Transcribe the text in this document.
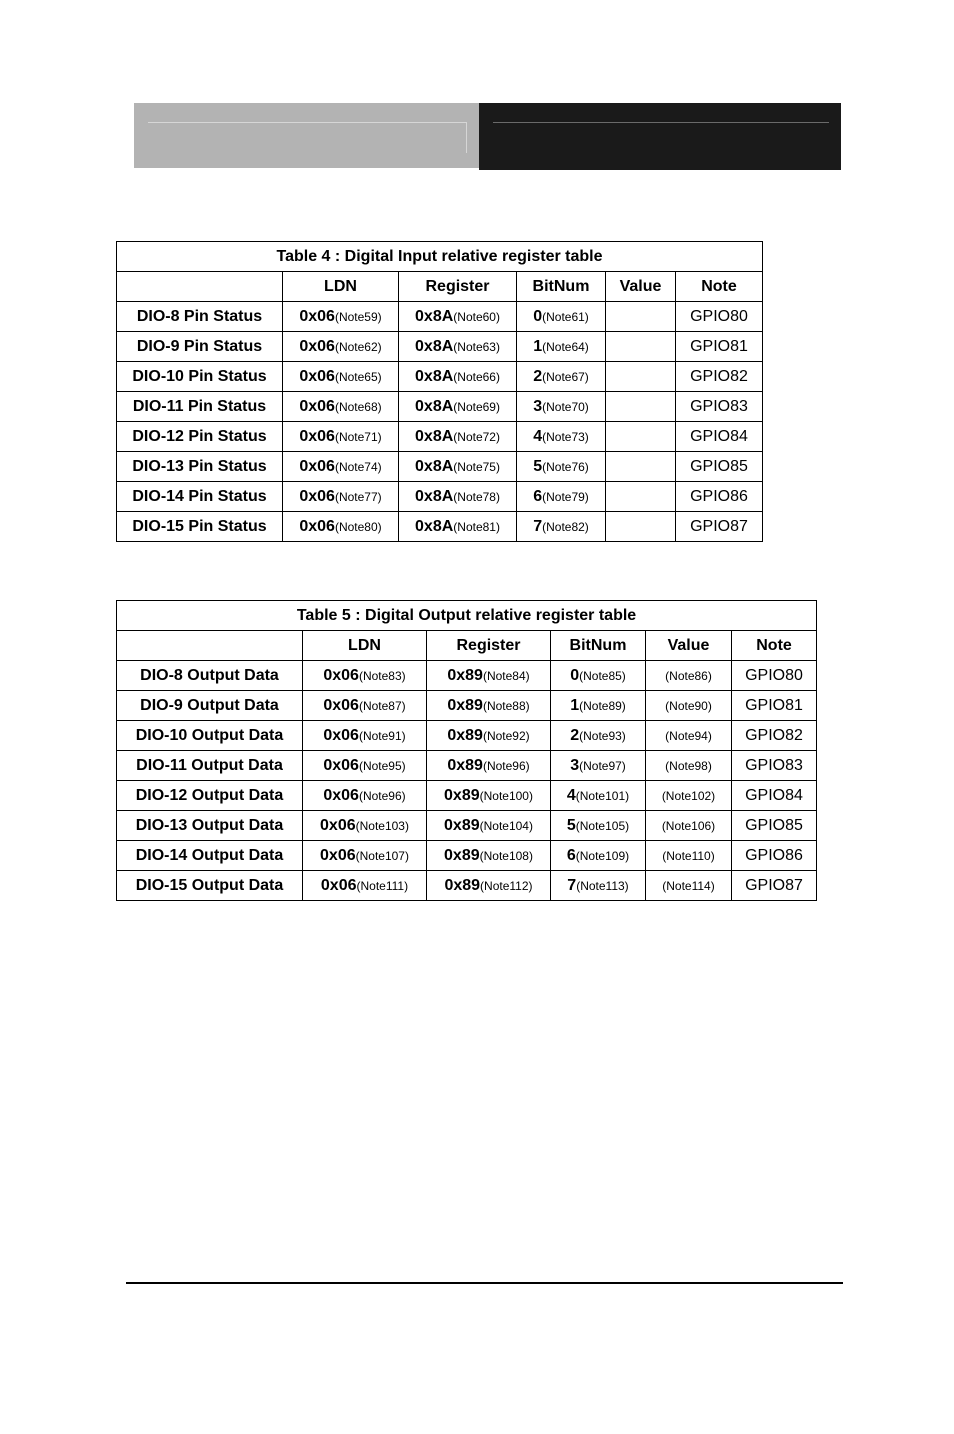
Table 4 : Digital Input relative register table					
	LDN	Register	BitNum	Value	Note
DIO-8 Pin Status	0x06(Note59)	0x8A(Note60)	0(Note61)		GPIO80
DIO-9 Pin Status	0x06(Note62)	0x8A(Note63)	1(Note64)		GPIO81
DIO-10 Pin Status	0x06(Note65)	0x8A(Note66)	2(Note67)		GPIO82
DIO-11 Pin Status	0x06(Note68)	0x8A(Note69)	3(Note70)		GPIO83
DIO-12 Pin Status	0x06(Note71)	0x8A(Note72)	4(Note73)		GPIO84
DIO-13 Pin Status	0x06(Note74)	0x8A(Note75)	5(Note76)		GPIO85
DIO-14 Pin Status	0x06(Note77)	0x8A(Note78)	6(Note79)		GPIO86
DIO-15 Pin Status	0x06(Note80)	0x8A(Note81)	7(Note82)		GPIO87
Table 5 : Digital Output relative register table					
	LDN	Register	BitNum	Value	Note
DIO-8 Output Data	0x06(Note83)	0x89(Note84)	0(Note85)	(Note86)	GPIO80
DIO-9 Output Data	0x06(Note87)	0x89(Note88)	1(Note89)	(Note90)	GPIO81
DIO-10 Output Data	0x06(Note91)	0x89(Note92)	2(Note93)	(Note94)	GPIO82
DIO-11 Output Data	0x06(Note95)	0x89(Note96)	3(Note97)	(Note98)	GPIO83
DIO-12 Output Data	0x06(Note96)	0x89(Note100)	4(Note101)	(Note102)	GPIO84
DIO-13 Output Data	0x06(Note103)	0x89(Note104)	5(Note105)	(Note106)	GPIO85
DIO-14 Output Data	0x06(Note107)	0x89(Note108)	6(Note109)	(Note110)	GPIO86
DIO-15 Output Data	0x06(Note111)	0x89(Note112)	7(Note113)	(Note114)	GPIO87
